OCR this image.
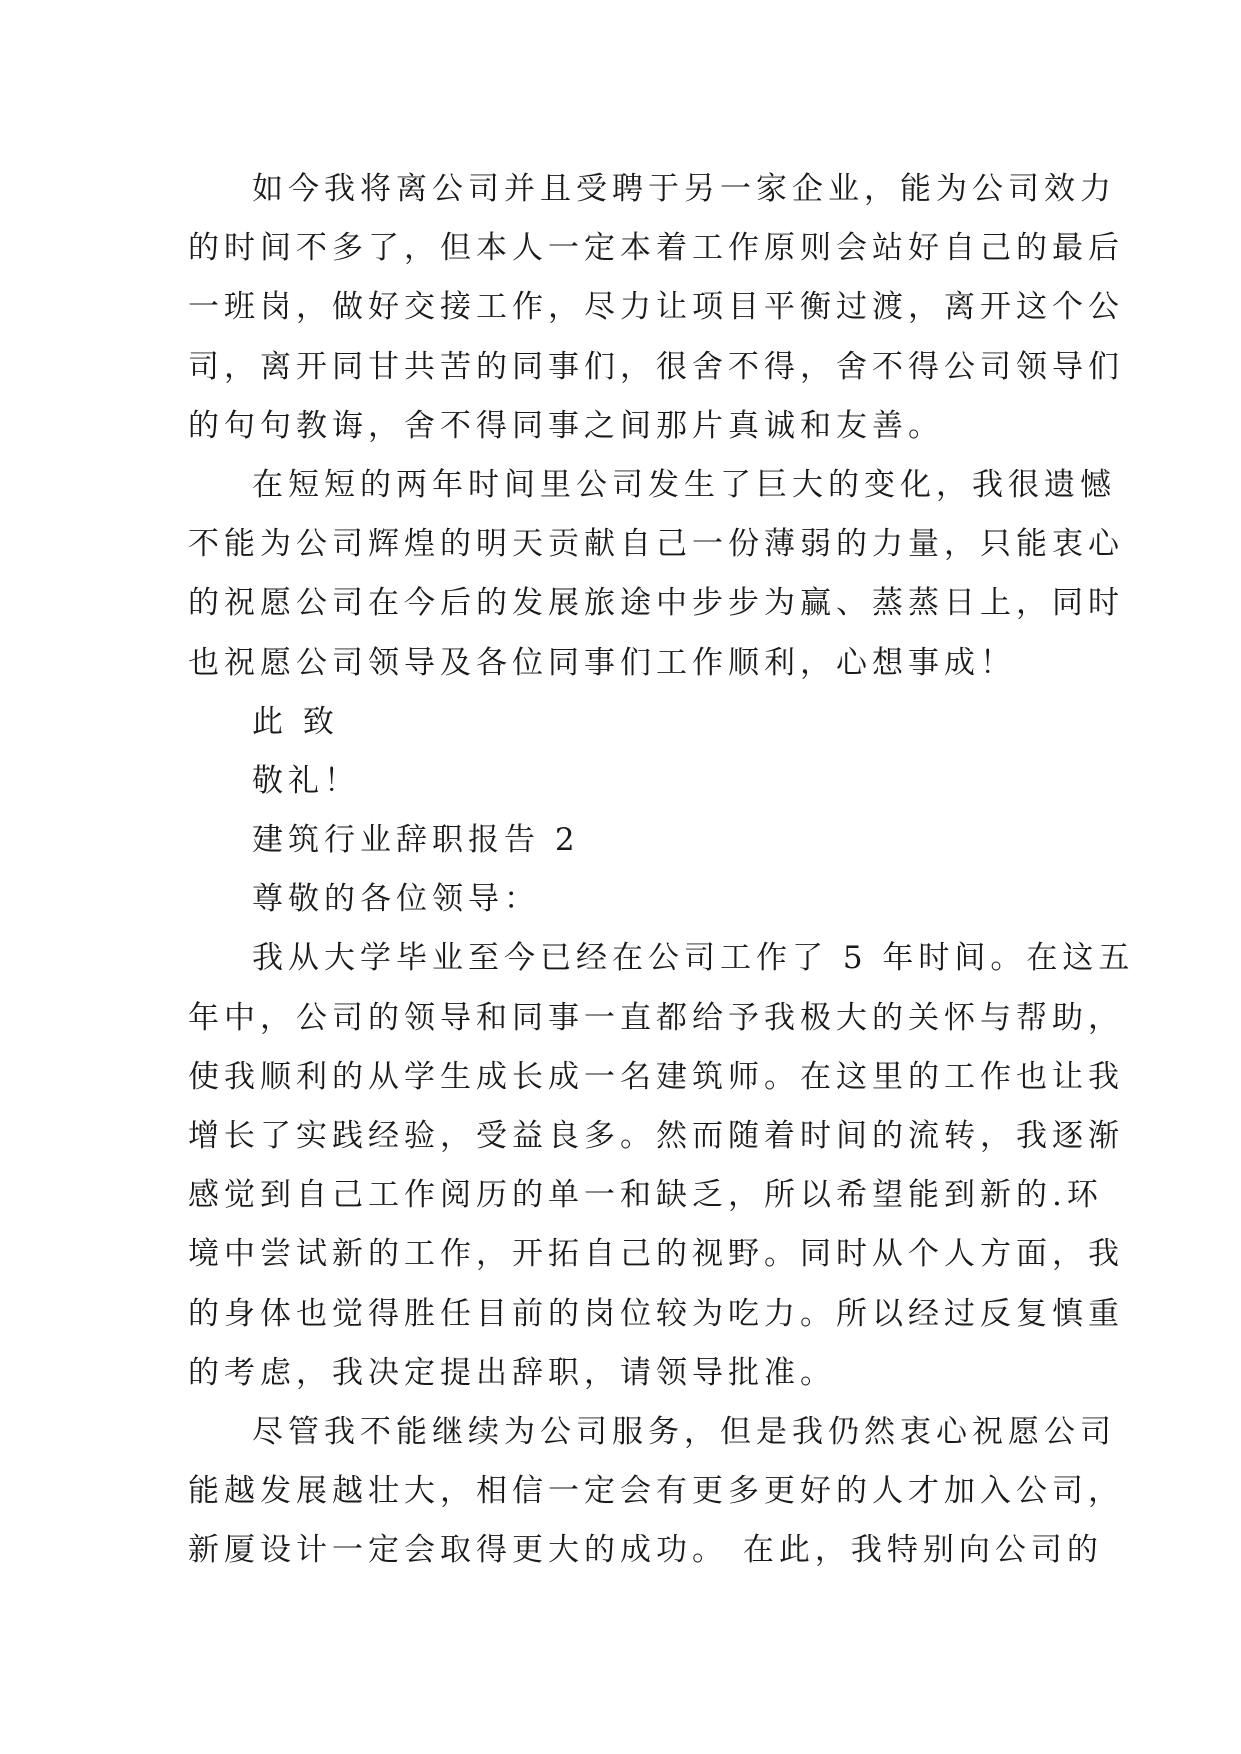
如今我将离公司并且受聘于另一家企业，能为公司效力
的时间不多了，但本人一定本着工作原则会站好自己的最后
一班岗，做好交接工作，尽力让项目平衡过渡，离开这个公
司，离开同甘共苦的同事们，很舍不得，舍不得公司领导们
的句句教诲，舍不得同事之间那片真诚和友善。
在短短的两年时间里公司发生了巨大的变化，我很遗憾
不能为公司辉煌的明天贡献自己一份薄弱的力量，只能衷心
的祝愿公司在今后的发展旅途中步步为赢、蒸蒸日上，同时
也祝愿公司领导及各位同事们工作顺利，心想事成！
此 致
敬礼！
建筑行业辞职报告 2
尊敬的各位领导：
我从大学毕业至今已经在公司工作了 5 年时间。在这五
年中，公司的领导和同事一直都给予我极大的关怀与帮助，
使我顺利的从学生成长成一名建筑师。在这里的工作也让我
增长了实践经验，受益良多。然而随着时间的流转，我逐渐
感觉到自己工作阅历的单一和缺乏，所以希望能到新的.环
境中尝试新的工作，开拓自己的视野。同时从个人方面，我
的身体也觉得胜任目前的岗位较为吃力。所以经过反复慎重
的考虑，我决定提出辞职，请领导批准。
尽管我不能继续为公司服务，但是我仍然衷心祝愿公司
能越发展越壮大，相信一定会有更多更好的人才加入公司，
新厦设计一定会取得更大的成功。 在此，我特别向公司的
